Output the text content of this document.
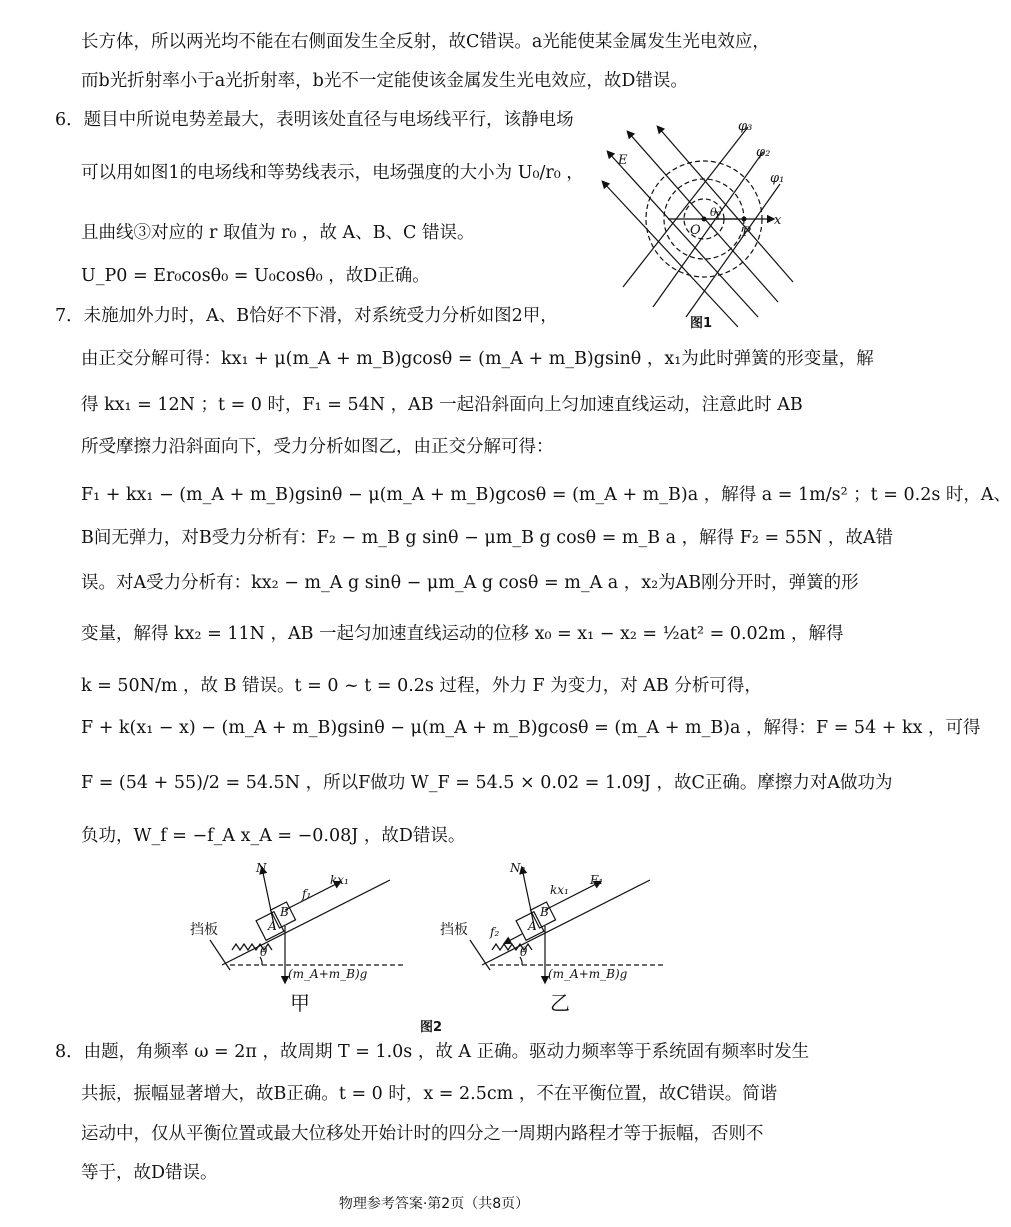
长方体，所以两光均不能在右侧面发生全反射，故C错误。a光能使某金属发生光电效应，
而b光折射率小于a光折射率，b光不一定能使该金属发生光电效应，故D错误。
6．题目中所说电势差最大，表明该处直径与电场线平行，该静电场
可以用如图1的电场线和等势线表示，电场强度的大小为 U₀/r₀ ，
且曲线③对应的 r 取值为 r₀ ，故 A、B、C 错误。
U_P0 = Er₀cosθ₀ = U₀cosθ₀ ，故D正确。
7．未施加外力时，A、B恰好不下滑，对系统受力分析如图2甲，
由正交分解可得：kx₁ + μ(m_A + m_B)gcosθ = (m_A + m_B)gsinθ ，x₁为此时弹簧的形变量，解
得 kx₁ = 12N ；t = 0 时，F₁ = 54N ，AB 一起沿斜面向上匀加速直线运动，注意此时 AB
所受摩擦力沿斜面向下，受力分析如图乙，由正交分解可得：
F₁ + kx₁ − (m_A + m_B)gsinθ − μ(m_A + m_B)gcosθ = (m_A + m_B)a ，解得 a = 1m/s² ；t = 0.2s 时，A、
B间无弹力，对B受力分析有：F₂ − m_B g sinθ − μm_B g cosθ = m_B a ，解得 F₂ = 55N ，故A错
误。对A受力分析有：kx₂ − m_A g sinθ − μm_A g cosθ = m_A a ，x₂为AB刚分开时，弹簧的形
变量，解得 kx₂ = 11N ，AB 一起匀加速直线运动的位移 x₀ = x₁ − x₂ = ½at² = 0.02m ，解得
k = 50N/m ，故 B 错误。t = 0 ~ t = 0.2s 过程，外力 F 为变力，对 AB 分析可得，
F + k(x₁ − x) − (m_A + m_B)gsinθ − μ(m_A + m_B)gcosθ = (m_A + m_B)a ，解得：F = 54 + kx ，可得
F = (54 + 55)/2 = 54.5N ，所以F做功 W_F = 54.5 × 0.02 = 1.09J ，故C正确。摩擦力对A做功为
负功，W_f = −f_A x_A = −0.08J ，故D错误。
8．由题，角频率 ω = 2π ，故周期 T = 1.0s ，故 A 正确。驱动力频率等于系统固有频率时发生
共振，振幅显著增大，故B正确。t = 0 时，x = 2.5cm ，不在平衡位置，故C错误。简谐
运动中，仅从平衡位置或最大位移处开始计时的四分之一周期内路程才等于振幅，否则不
等于，故D错误。
E
φ₃
φ₂
φ₁
O	P
x
θ₀
图1
N
f₁
kx₁
挡板	A
B
θ
(m_A+m_B)g
甲
N₂
f₂
kx₁
F₁
挡板	A
B
θ
(m_A+m_B)g
乙
图2
物理参考答案·第2页（共8页）
